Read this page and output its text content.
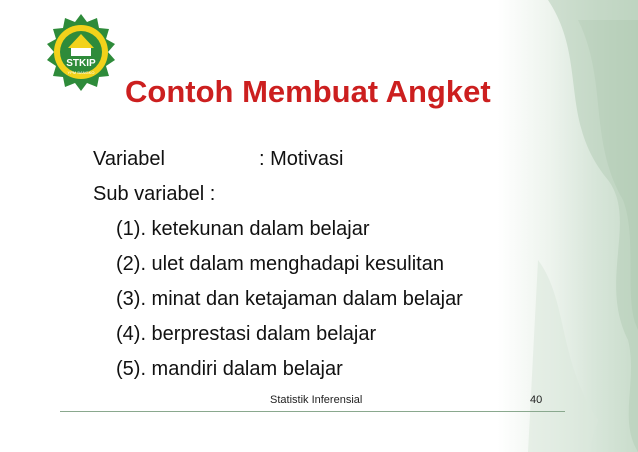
STKIP
YPM BANGKO
Contoh Membuat Angket
Variabel	: Motivasi
Sub variabel :
(1). ketekunan dalam belajar
(2). ulet dalam menghadapi kesulitan
(3). minat dan ketajaman dalam belajar
(4). berprestasi dalam belajar
(5). mandiri dalam belajar
Statistik Inferensial	40
